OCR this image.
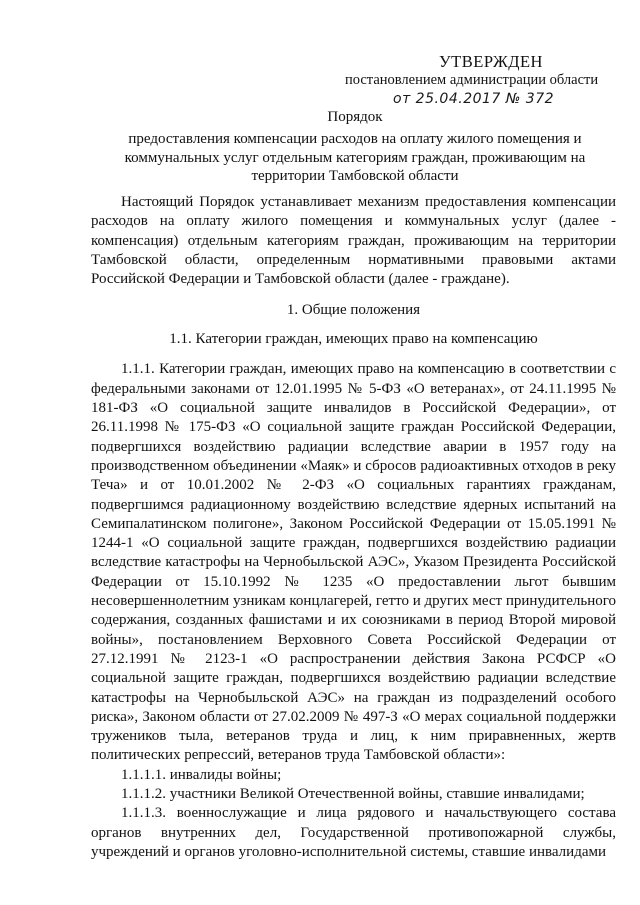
УТВЕРЖДЕН
постановлением администрации области
от 25.04.2017 № 372

Порядок

предоставления компенсации расходов на оплату жилого помещения и коммунальных услуг отдельным категориям граждан, проживающим на территории Тамбовской области

Настоящий Порядок устанавливает механизм предоставления компенсации расходов на оплату жилого помещения и коммунальных услуг (далее - компенсация) отдельным категориям граждан, проживающим на территории Тамбовской области, определенным нормативными правовыми актами Российской Федерации и Тамбовской области (далее - граждане).

1. Общие положения

1.1. Категории граждан, имеющих право на компенсацию

1.1.1. Категории граждан, имеющих право на компенсацию в соответствии с федеральными законами от 12.01.1995 № 5-ФЗ «О ветеранах», от 24.11.1995 № 181-ФЗ «О социальной защите инвалидов в Российской Федерации», от 26.11.1998 № 175-ФЗ «О социальной защите граждан Российской Федерации, подвергшихся воздействию радиации вследствие аварии в 1957 году на производственном объединении «Маяк» и сбросов радиоактивных отходов в реку Теча» и от 10.01.2002 № 2-ФЗ «О социальных гарантиях гражданам, подвергшимся радиационному воздействию вследствие ядерных испытаний на Семипалатинском полигоне», Законом Российской Федерации от 15.05.1991 № 1244-1 «О социальной защите граждан, подвергшихся воздействию радиации вследствие катастрофы на Чернобыльской АЭС», Указом Президента Российской Федерации от 15.10.1992 № 1235 «О предоставлении льгот бывшим несовершеннолетним узникам концлагерей, гетто и других мест принудительного содержания, созданных фашистами и их союзниками в период Второй мировой войны», постановлением Верховного Совета Российской Федерации от 27.12.1991 № 2123-1 «О распространении действия Закона РСФСР «О социальной защите граждан, подвергшихся воздействию радиации вследствие катастрофы на Чернобыльской АЭС» на граждан из подразделений особого риска», Законом области от 27.02.2009 № 497-З «О мерах социальной поддержки тружеников тыла, ветеранов труда и лиц, к ним приравненных, жертв политических репрессий, ветеранов труда Тамбовской области»:

1.1.1.1. инвалиды войны;

1.1.1.2. участники Великой Отечественной войны, ставшие инвалидами;

1.1.1.3. военнослужащие и лица рядового и начальствующего состава органов внутренних дел, Государственной противопожарной службы, учреждений и органов уголовно-исполнительной системы, ставшие инвалидами
